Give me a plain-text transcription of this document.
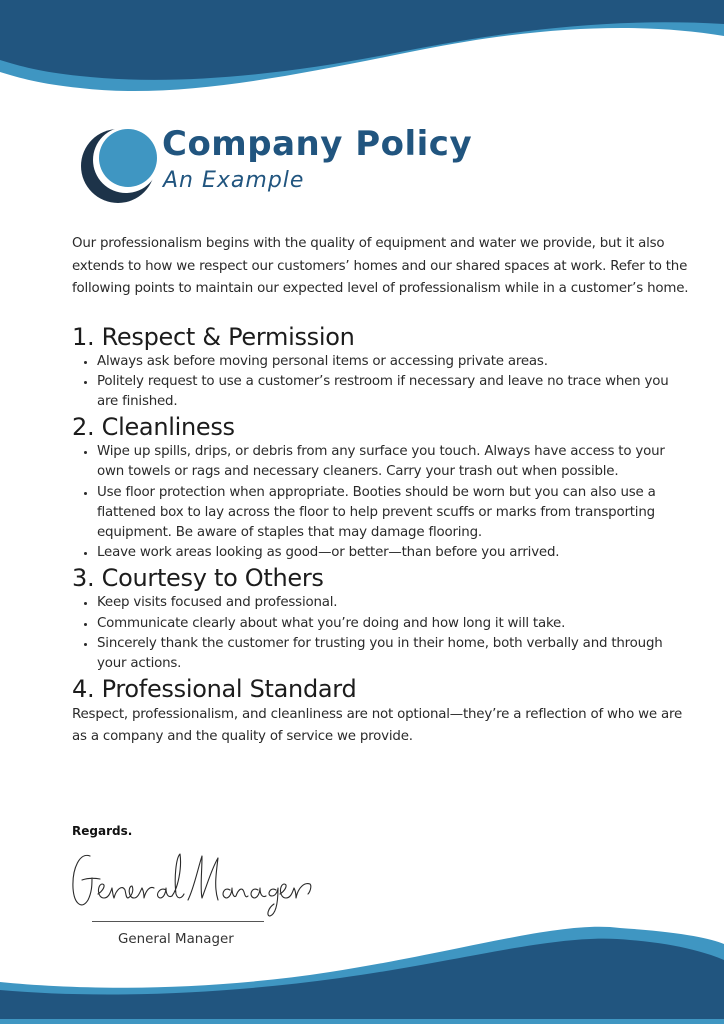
Company Policy
An Example

Our professionalism begins with the quality of equipment and water we provide, but it also extends to how we respect our customers’ homes and our shared spaces at work. Refer to the following points to maintain our expected level of professionalism while in a customer’s home.

1. Respect & Permission
• Always ask before moving personal items or accessing private areas.
• Politely request to use a customer’s restroom if necessary and leave no trace when you are finished.
2. Cleanliness
• Wipe up spills, drips, or debris from any surface you touch. Always have access to your own towels or rags and necessary cleaners. Carry your trash out when possible.
• Use floor protection when appropriate. Booties should be worn but you can also use a flattened box to lay across the floor to help prevent scuffs or marks from transporting equipment. Be aware of staples that may damage flooring.
• Leave work areas looking as good—or better—than before you arrived.
3. Courtesy to Others
• Keep visits focused and professional.
• Communicate clearly about what you’re doing and how long it will take.
• Sincerely thank the customer for trusting you in their home, both verbally and through your actions.
4. Professional Standard

Respect, professionalism, and cleanliness are not optional—they’re a reflection of who we are as a company and the quality of service we provide.

Regards.
General Manager
